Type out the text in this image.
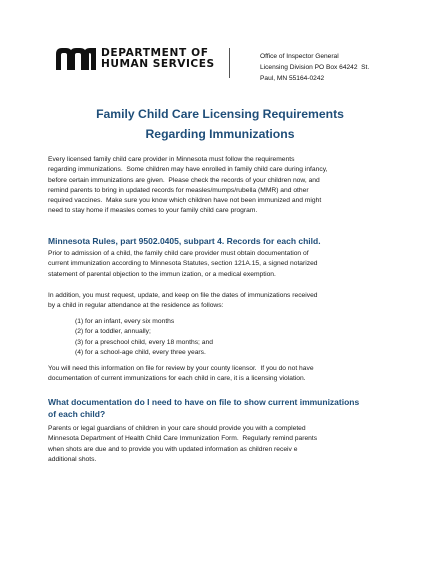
DEPARTMENT OF
HUMAN SERVICES
Office of Inspector General
Licensing Division PO Box 64242  St.
Paul, MN 55164-0242
Family Child Care Licensing Requirements
Regarding Immunizations
Every licensed family child care provider in Minnesota must follow the requirements
regarding immunizations.  Some children may have enrolled in family child care during infancy,
before certain immunizations are given.  Please check the records of your children now, and
remind parents to bring in updated records for measles/mumps/rubella (MMR) and other
required vaccines.  Make sure you know which children have not been immunized and might
need to stay home if measles comes to your family child care program.
Minnesota Rules, part 9502.0405, subpart 4. Records for each child.
Prior to admission of a child, the family child care provider must obtain documentation of
current immunization according to Minnesota Statutes, section 121A.15, a signed notarized
statement of parental objection to the immun ization, or a medical exemption.
In addition, you must request, update, and keep on file the dates of immunizations received
by a child in regular attendance at the residence as follows:
(1) for an infant, every six months
(2) for a toddler, annually;
(3) for a preschool child, every 18 months; and
(4) for a school-age child, every three years.
You will need this information on file for review by your county licensor.  If you do not have
documentation of current immunizations for each child in care, it is a licensing violation.
What documentation do I need to have on file to show current immunizations
of each child?
Parents or legal guardians of children in your care should provide you with a completed
Minnesota Department of Health Child Care Immunization Form.  Regularly remind parents
when shots are due and to provide you with updated information as children receiv e
additional shots.
